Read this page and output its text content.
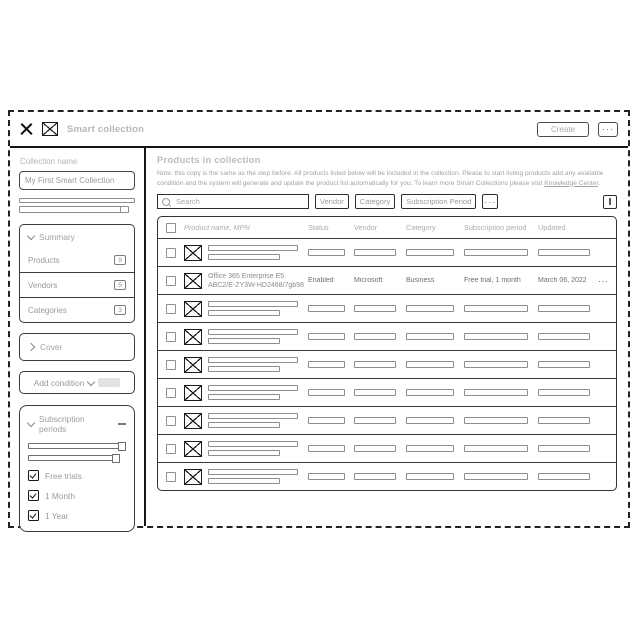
Smart collection	Create	···
Collection name
My First Smart Collection
Summary
Products	9
Vendors	5
Categories	3
Cover
Add condition
Subscription periods
Free trials
1 Month
1 Year
Products in collection
Note: this copy is the same as the step before. All products listed below will be included in the collection. Please to start listing products add any available condition and the system will generate and update the product list automatically for you. To learn more Smart Collections please visit Knowledge Center.
Search
Vendor	Category	Subscription Period	···
Product name, MPN	Status	Vendor	Category	Subscription period	Updated
Office 365 Enterprise E5
ABC2/E-ZY3W-HD2468/7gb98
Enabled	Microsoft	Business	Free trial, 1 month	March 06, 2022	···
